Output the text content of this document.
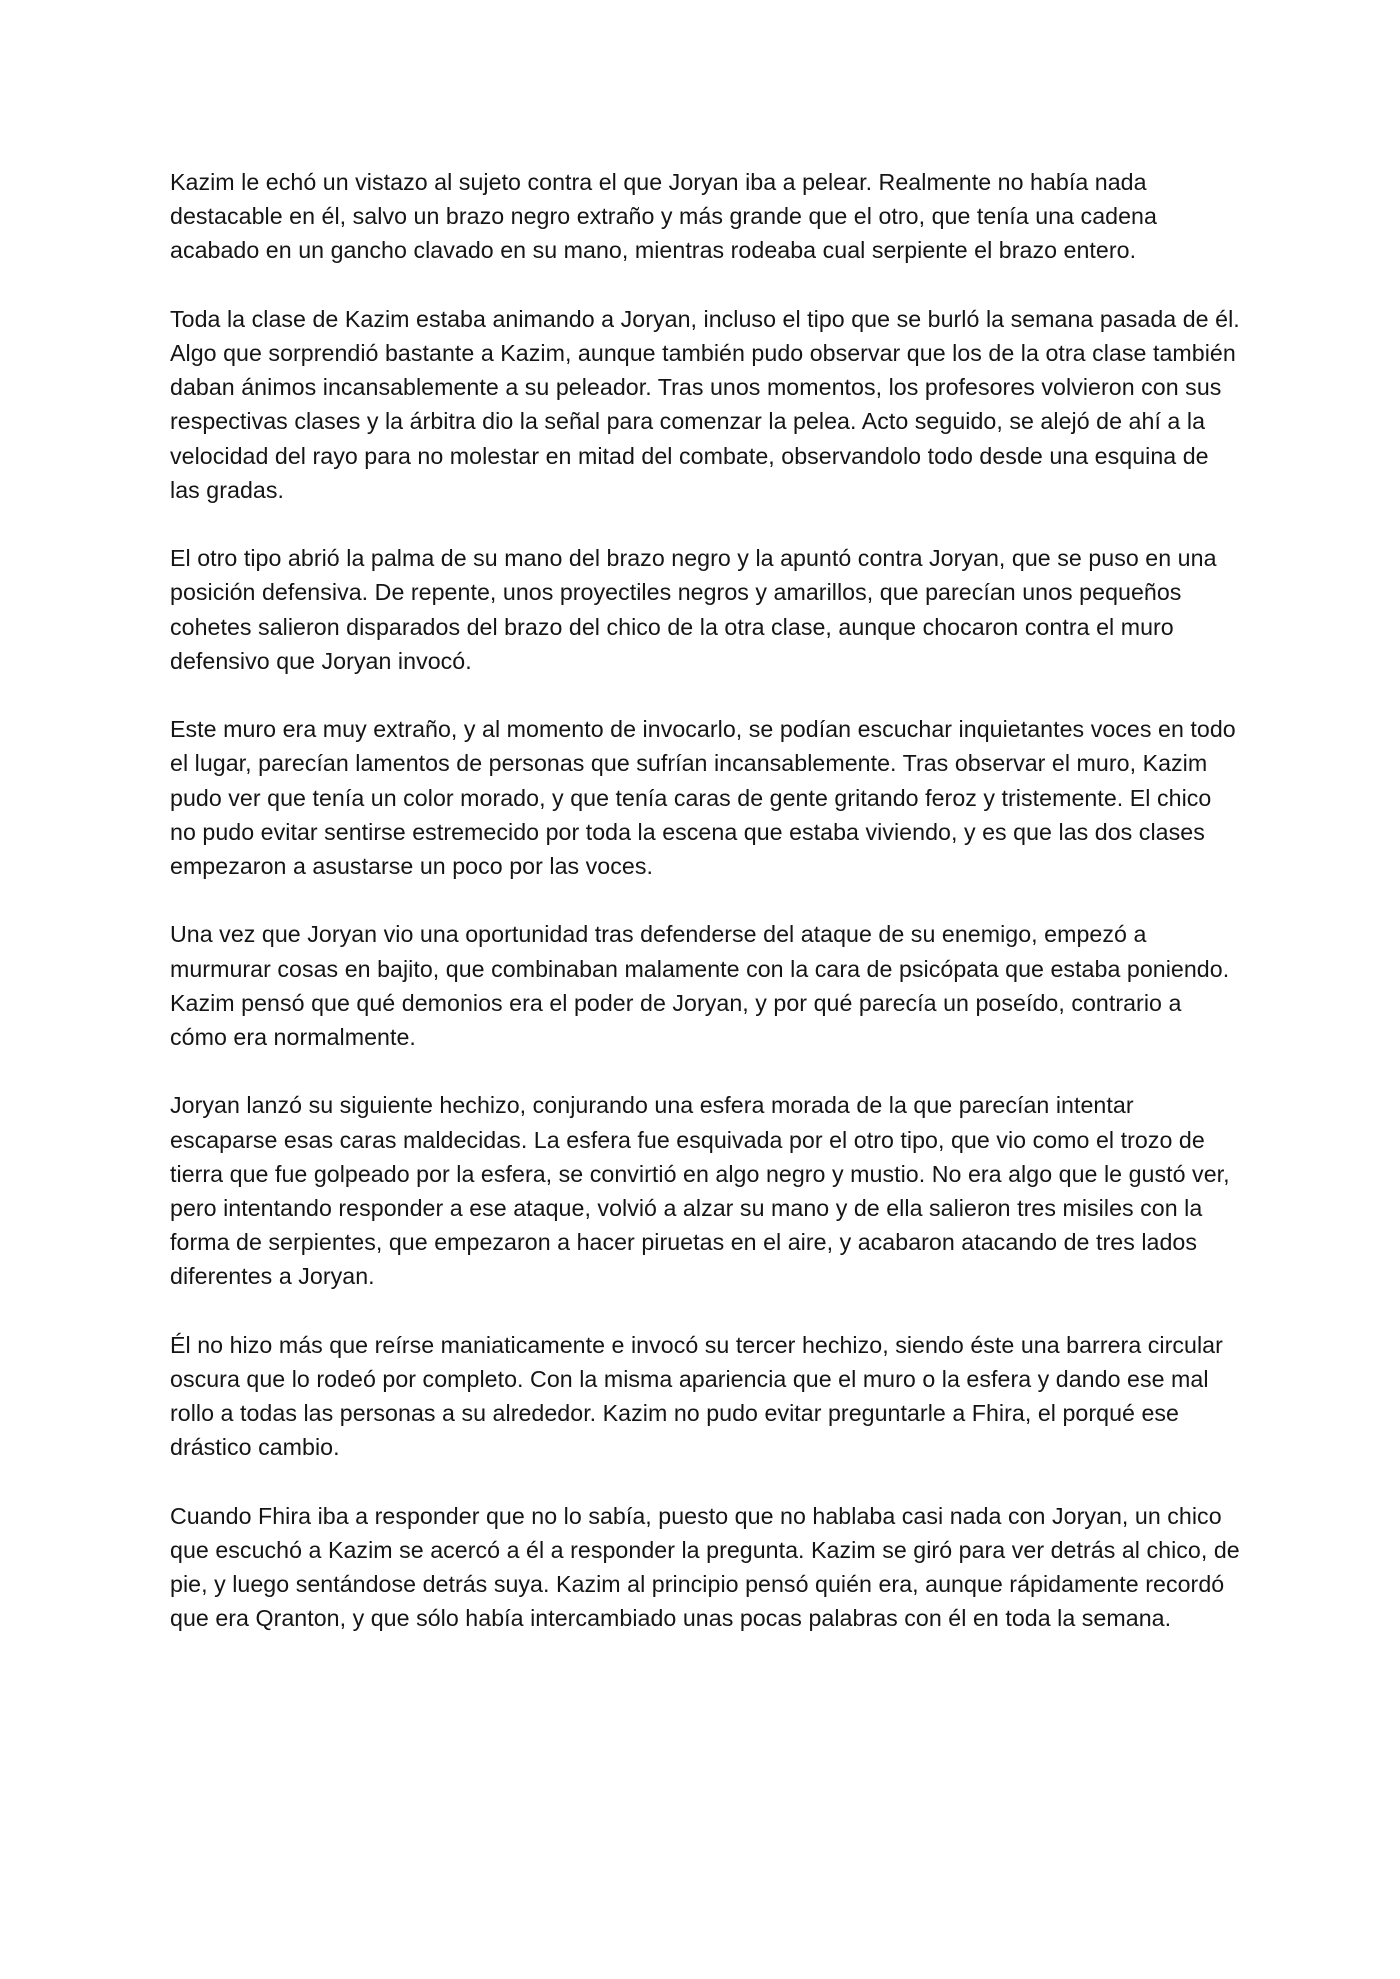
Kazim le echó un vistazo al sujeto contra el que Joryan iba a pelear. Realmente no había nada destacable en él, salvo un brazo negro extraño y más grande que el otro, que tenía una cadena acabado en un gancho clavado en su mano, mientras rodeaba cual serpiente el brazo entero.

Toda la clase de Kazim estaba animando a Joryan, incluso el tipo que se burló la semana pasada de él. Algo que sorprendió bastante a Kazim, aunque también pudo observar que los de la otra clase también daban ánimos incansablemente a su peleador. Tras unos momentos, los profesores volvieron con sus respectivas clases y la árbitra dio la señal para comenzar la pelea. Acto seguido, se alejó de ahí a la velocidad del rayo para no molestar en mitad del combate, observandolo todo desde una esquina de las gradas.

El otro tipo abrió la palma de su mano del brazo negro y la apuntó contra Joryan, que se puso en una posición defensiva. De repente, unos proyectiles negros y amarillos, que parecían unos pequeños cohetes salieron disparados del brazo del chico de la otra clase, aunque chocaron contra el muro defensivo que Joryan invocó.

Este muro era muy extraño, y al momento de invocarlo, se podían escuchar inquietantes voces en todo el lugar, parecían lamentos de personas que sufrían incansablemente. Tras observar el muro, Kazim pudo ver que tenía un color morado, y que tenía caras de gente gritando feroz y tristemente. El chico no pudo evitar sentirse estremecido por toda la escena que estaba viviendo, y es que las dos clases empezaron a asustarse un poco por las voces.

Una vez que Joryan vio una oportunidad tras defenderse del ataque de su enemigo, empezó a murmurar cosas en bajito, que combinaban malamente con la cara de psicópata que estaba poniendo. Kazim pensó que qué demonios era el poder de Joryan, y por qué parecía un poseído, contrario a cómo era normalmente.

Joryan lanzó su siguiente hechizo, conjurando una esfera morada de la que parecían intentar escaparse esas caras maldecidas. La esfera fue esquivada por el otro tipo, que vio como el trozo de tierra que fue golpeado por la esfera, se convirtió en algo negro y mustio. No era algo que le gustó ver, pero intentando responder a ese ataque, volvió a alzar su mano y de ella salieron tres misiles con la forma de serpientes, que empezaron a hacer piruetas en el aire, y acabaron atacando de tres lados diferentes a Joryan.

Él no hizo más que reírse maniaticamente e invocó su tercer hechizo, siendo éste una barrera circular oscura que lo rodeó por completo. Con la misma apariencia que el muro o la esfera y dando ese mal rollo a todas las personas a su alrededor. Kazim no pudo evitar preguntarle a Fhira, el porqué ese drástico cambio.

Cuando Fhira iba a responder que no lo sabía, puesto que no hablaba casi nada con Joryan, un chico que escuchó a Kazim se acercó a él a responder la pregunta. Kazim se giró para ver detrás al chico, de pie, y luego sentándose detrás suya. Kazim al principio pensó quién era, aunque rápidamente recordó que era Qranton, y que sólo había intercambiado unas pocas palabras con él en toda la semana.
